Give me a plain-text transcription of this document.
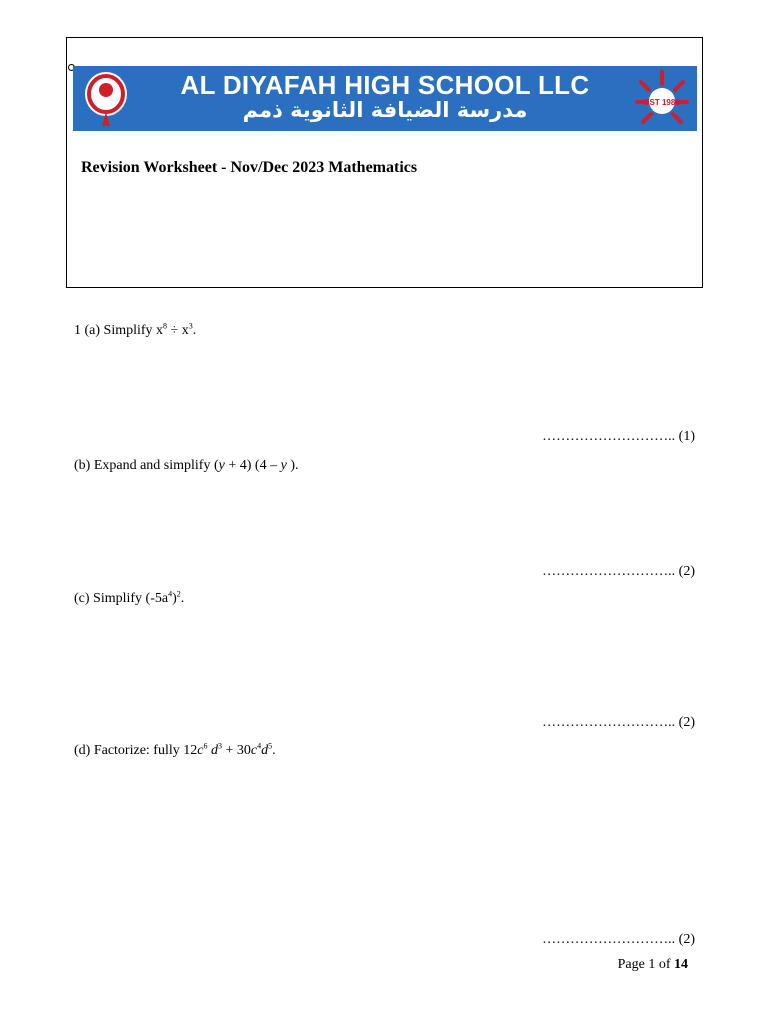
AL DIYAFAH HIGH SCHOOL LLC
مدرسة الضيافة الثانوية ذمم	EST 1982
Revision Worksheet - Nov/Dec 2023 Mathematics
1 (a) Simplify $x^8 \div x^3$.
……………………….. (1)
(b) Expand and simplify (y + 4) (4 – y ).
……………………….. (2)
(c) Simplify $(-5a^4)^2$.
……………………….. (2)
(d) Factorize: fully $12c^6$ $d^3 + 30c^4d^5$.
……………………….. (2)
Page 1 of 14
